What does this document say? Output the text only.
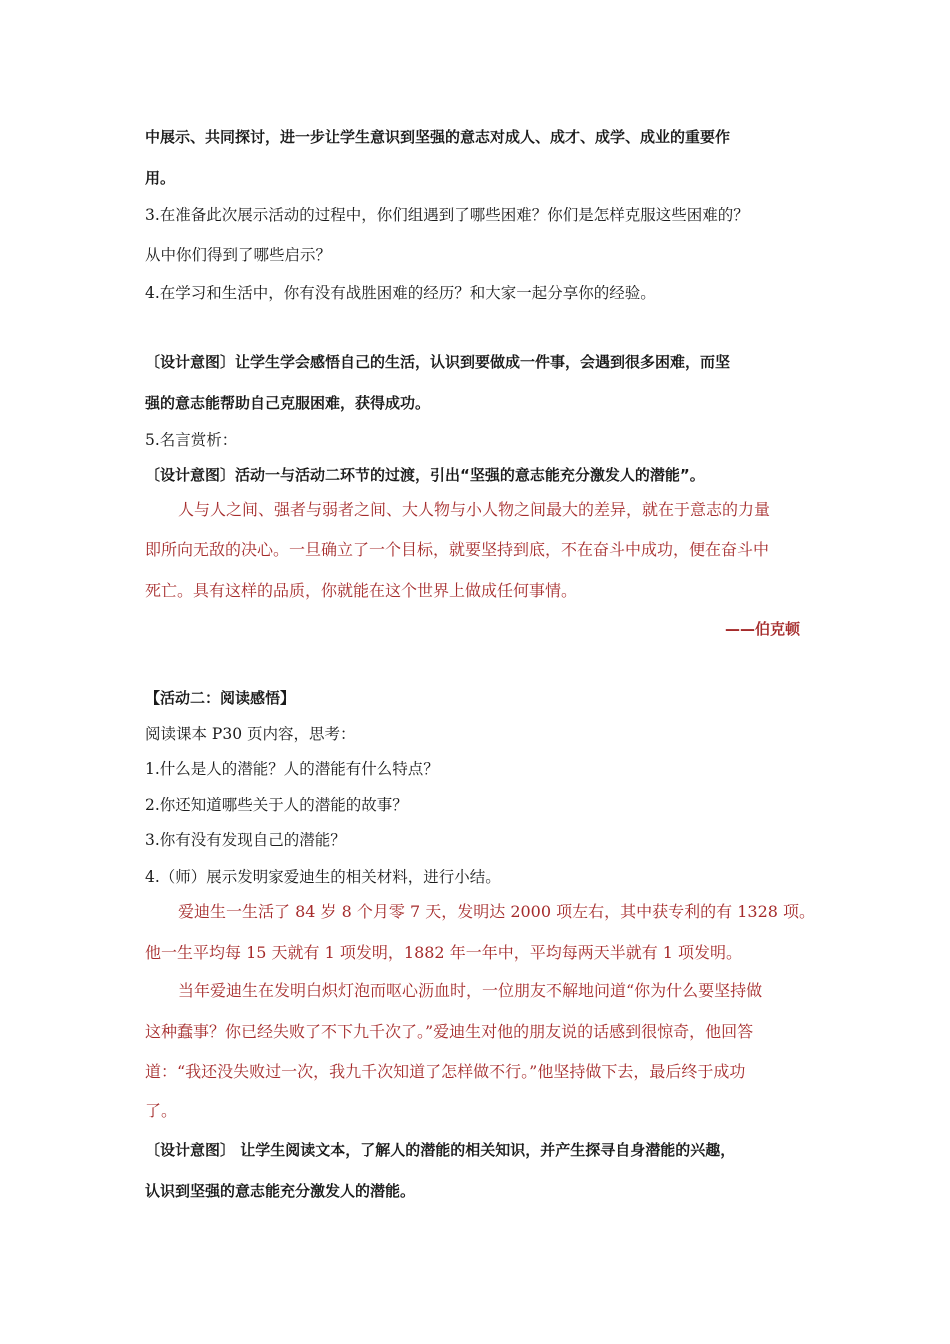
中展示、共同探讨，进一步让学生意识到坚强的意志对成人、成才、成学、成业的重要作
用。
3.在准备此次展示活动的过程中，你们组遇到了哪些困难？你们是怎样克服这些困难的？
从中你们得到了哪些启示？
4.在学习和生活中，你有没有战胜困难的经历？和大家一起分享你的经验。
〔设计意图〕让学生学会感悟自己的生活，认识到要做成一件事，会遇到很多困难，而坚
强的意志能帮助自己克服困难，获得成功。
5.名言赏析：
〔设计意图〕活动一与活动二环节的过渡，引出“坚强的意志能充分激发人的潜能”。
人与人之间、强者与弱者之间、大人物与小人物之间最大的差异，就在于意志的力量
即所向无敌的决心。一旦确立了一个目标，就要坚持到底，不在奋斗中成功，便在奋斗中
死亡。具有这样的品质，你就能在这个世界上做成任何事情。
——伯克顿
【活动二：阅读感悟】
阅读课本 P30 页内容，思考：
1.什么是人的潜能？人的潜能有什么特点？
2.你还知道哪些关于人的潜能的故事？
3.你有没有发现自己的潜能？
4.（师）展示发明家爱迪生的相关材料，进行小结。
爱迪生一生活了 84 岁 8 个月零 7 天，发明达 2000 项左右，其中获专利的有 1328 项。
他一生平均每 15 天就有 1 项发明，1882 年一年中，平均每两天半就有 1 项发明。
当年爱迪生在发明白炽灯泡而呕心沥血时，一位朋友不解地问道“你为什么要坚持做
这种蠢事？你已经失败了不下九千次了。”爱迪生对他的朋友说的话感到很惊奇，他回答
道：“我还没失败过一次，我九千次知道了怎样做不行。”他坚持做下去，最后终于成功
了。
〔设计意图〕 让学生阅读文本，了解人的潜能的相关知识，并产生探寻自身潜能的兴趣，
认识到坚强的意志能充分激发人的潜能。
